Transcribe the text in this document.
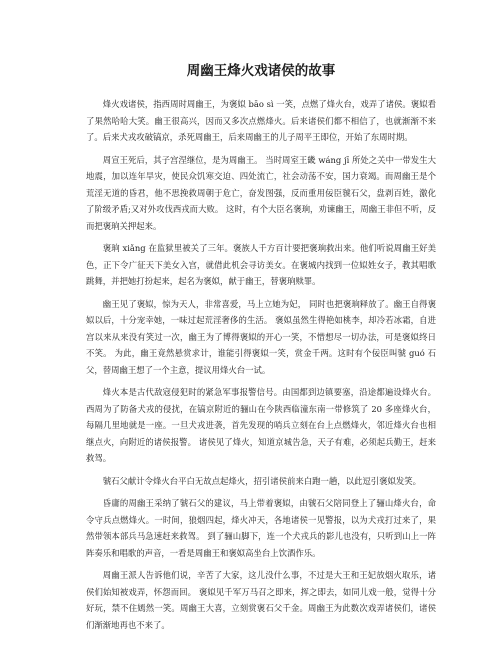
周幽王烽火戏诸侯的故事

烽火戏诸侯，指西周时周幽王，为褒姒 bāo sì 一笑，点燃了烽火台，戏弄了诸侯。褒姒看了果然哈哈大笑。幽王很高兴，因而又多次点燃烽火。后来诸侯们都不相信了，也就渐渐不来了。后来犬戎攻破镐京，杀死周幽王，后来周幽王的儿子周平王即位，开始了东周时期。

周宣王死后，其子宫涅继位，是为周幽王。 当时周室王畿 wáng jī 所处之关中一带发生大地震，加以连年旱灾，使民众饥寒交迫、四处流亡，社会动荡不安，国力衰竭。而周幽王是个荒淫无道的昏君，他不思挽救周朝于危亡，奋发图强，反而重用佞臣虢石父，盘剥百姓，激化了阶级矛盾;又对外攻伐西戎而大败。 这时，有个大臣名褒珦，劝谏幽王，周幽王非但不听，反而把褒珦关押起来。

褒珦 xiǎng 在监狱里被关了三年。褒族人千方百计要把褒珦救出来。他们听说周幽王好美色，正下令广征天下美女入宫，就借此机会寻访美女。在褒城内找到一位姒姓女子，教其唱歌跳舞，并把她打扮起来，起名为褒姒，献于幽王，替褒珦赎罪。

幽王见了褒姒，惊为天人，非常喜爱，马上立她为妃， 同时也把褒珦释放了。幽王自得褒姒以后，十分宠幸她，一味过起荒淫奢侈的生活。 褒姒虽然生得艳如桃李，却冷若冰霜，自进宫以来从来没有笑过一次，幽王为了博得褒姒的开心一笑，不惜想尽一切办法，可是褒姒终日不笑。 为此，幽王竟然悬赏求计，谁能引得褒姒一笑，赏金千两。这时有个佞臣叫虢 guó 石父，替周幽王想了一个主意，提议用烽火台一试。

烽火本是古代敌寇侵犯时的紧急军事报警信号。由国都到边镇要塞，沿途都遍设烽火台。西周为了防备犬戎的侵扰，在镐京附近的骊山在今陕西临潼东南一带修筑了 20 多座烽火台，每隔几里地就是一座。一旦犬戎进袭，首先发现的哨兵立刻在台上点燃烽火，邻近烽火台也相继点火，向附近的诸侯报警。 诸侯见了烽火，知道京城告急，天子有难，必须起兵勤王，赶来救驾。

虢石父献计令烽火台平白无故点起烽火，招引诸侯前来白跑一趟，以此逗引褒姒发笑。

昏庸的周幽王采纳了虢石父的建议，马上带着褒姒，由虢石父陪同登上了骊山烽火台，命令守兵点燃烽火。一时间，狼烟四起，烽火冲天，各地诸侯一见警报，以为犬戎打过来了，果然带领本部兵马急速赶来救驾。 到了骊山脚下，连一个犬戎兵的影儿也没有，只听到山上一阵阵奏乐和唱歌的声音，一看是周幽王和褒姒高坐台上饮酒作乐。

周幽王派人告诉他们说，辛苦了大家，这儿没什么事，不过是大王和王妃放烟火取乐，诸侯们始知被戏弄，怀怨而回。 褒姒见千军万马召之即来，挥之即去，如同儿戏一般，觉得十分好玩，禁不住嫣然一笑。周幽王大喜，立刻赏褒石父千金。周幽王为此数次戏弄诸侯们，诸侯们渐渐地再也不来了。
